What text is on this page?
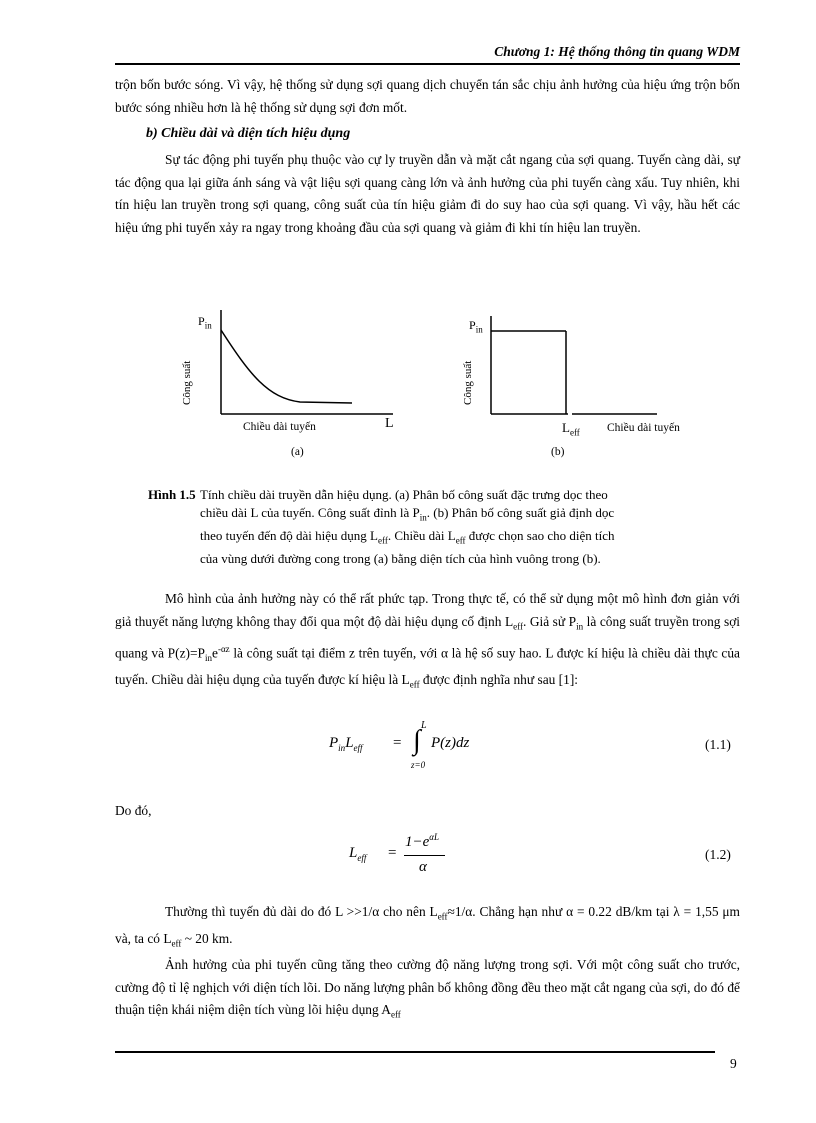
Chương 1: Hệ thống thông tin quang WDM

trộn bốn bước sóng. Vì vậy, hệ thống sử dụng sợi quang dịch chuyển tán sắc chịu ảnh hưởng của hiệu ứng trộn bốn bước sóng nhiều hơn là hệ thống sử dụng sợi đơn mốt.

b) Chiều dài và diện tích hiệu dụng

Sự tác động phi tuyến phụ thuộc vào cự ly truyền dẫn và mặt cắt ngang của sợi quang. Tuyến càng dài, sự tác động qua lại giữa ánh sáng và vật liệu sợi quang càng lớn và ảnh hưởng của phi tuyến càng xấu. Tuy nhiên, khi tín hiệu lan truyền trong sợi quang, công suất của tín hiệu giảm đi do suy hao của sợi quang. Vì vậy, hầu hết các hiệu ứng phi tuyến xảy ra ngay trong khoảng đầu của sợi quang và giảm đi khi tín hiệu lan truyền.

$P_{in}$
Công suất
Chiều dài tuyến	L
(a)
$P_{in}$
Công suất
$L_{eff}$ Chiều dài tuyến
(b)
Hình 1.5 Tính chiều dài truyền dẫn hiệu dụng. (a) Phân bố công suất đặc trưng dọc theo
chiều dài L của tuyến. Công suất đỉnh là $P_{in}$. (b) Phân bố công suất giả định dọc
theo tuyến đến độ dài hiệu dụng $L_{eff}$. Chiều dài $L_{eff}$ được chọn sao cho diện tích
của vùng dưới đường cong trong (a) bằng diện tích của hình vuông trong (b).

Mô hình của ảnh hưởng này có thể rất phức tạp. Trong thực tế, có thể sử dụng một mô hình đơn giản với giả thuyết năng lượng không thay đổi qua một độ dài hiệu dụng cố định $L_{eff}$. Giả sử $P_{in}$ là công suất truyền trong sợi quang và $P(z)=P_{in}e^{-\alpha z}$ là công suất tại điểm z trên tuyến, với α là hệ số suy hao. L được kí hiệu là chiều dài thực của tuyến. Chiều dài hiệu dụng của tuyến được kí hiệu là $L_{eff}$ được định nghĩa như sau [1]:

$P_{in}L_{eff}$ =
L
∫
z=0
P(z)dz	(1.1)
Do đó,
$L_{eff}$ =
$1-e^{\alpha L}$
α
(1.2)

Thường thì tuyến đủ dài do đó L >>1/α cho nên $L_{eff}\approx 1/\alpha$. Chẳng hạn như α = 0.22 dB/km tại λ = 1,55 μm và, ta có $L_{eff}$ ~ 20 km.

Ảnh hưởng của phi tuyến cũng tăng theo cường độ năng lượng trong sợi. Với một công suất cho trước, cường độ tỉ lệ nghịch với diện tích lõi. Do năng lượng phân bố không đồng đều theo mặt cắt ngang của sợi, do đó để thuận tiện khái niệm diện tích vùng lõi hiệu dụng $A_{eff}$

9
